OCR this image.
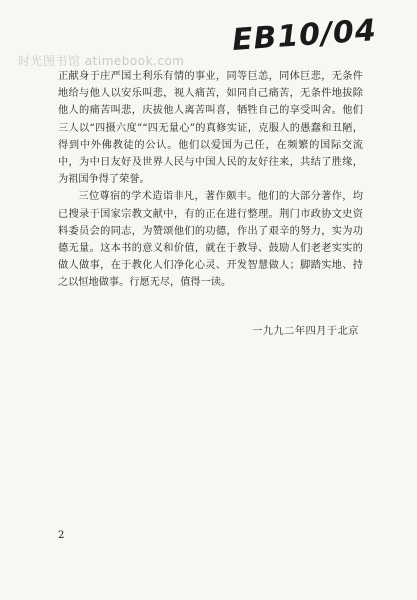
时光图书馆 atimebook.com
EB10/04

正献身于庄严国土利乐有情的事业，同等巨恙，同体巨悲，无条件地给与他人以安乐叫悲，视人痛苦，如同自己痛苦，无条件地拔除他人的痛苦叫悲，庆拔他人离苦叫喜，牺牲自己的享受叫舍。他们三人以“四摄六度”“四无量心”的真修实证，克服人的愚蠢和丑陋，得到中外佛教徒的公认。他们以爱国为己任，在频繁的国际交流中，为中日友好及世界人民与中国人民的友好往来，共结了胜缘，为祖国争得了荣誉。

三位尊宿的学术造诣非凡，著作颇丰。他们的大部分著作，均已搜录于国家宗教文献中，有的正在进行整理。荆门市政协文史资料委员会的同志，为赞颂他们的功德，作出了艰辛的努力，实为功德无量。这本书的意义和价值，就在于教导、鼓励人们老老实实的做人做事，在于教化人们净化心灵、开发智慧做人；脚踏实地、持之以恒地做事。行愿无尽，值得一读。

一九九二年四月于北京
2
